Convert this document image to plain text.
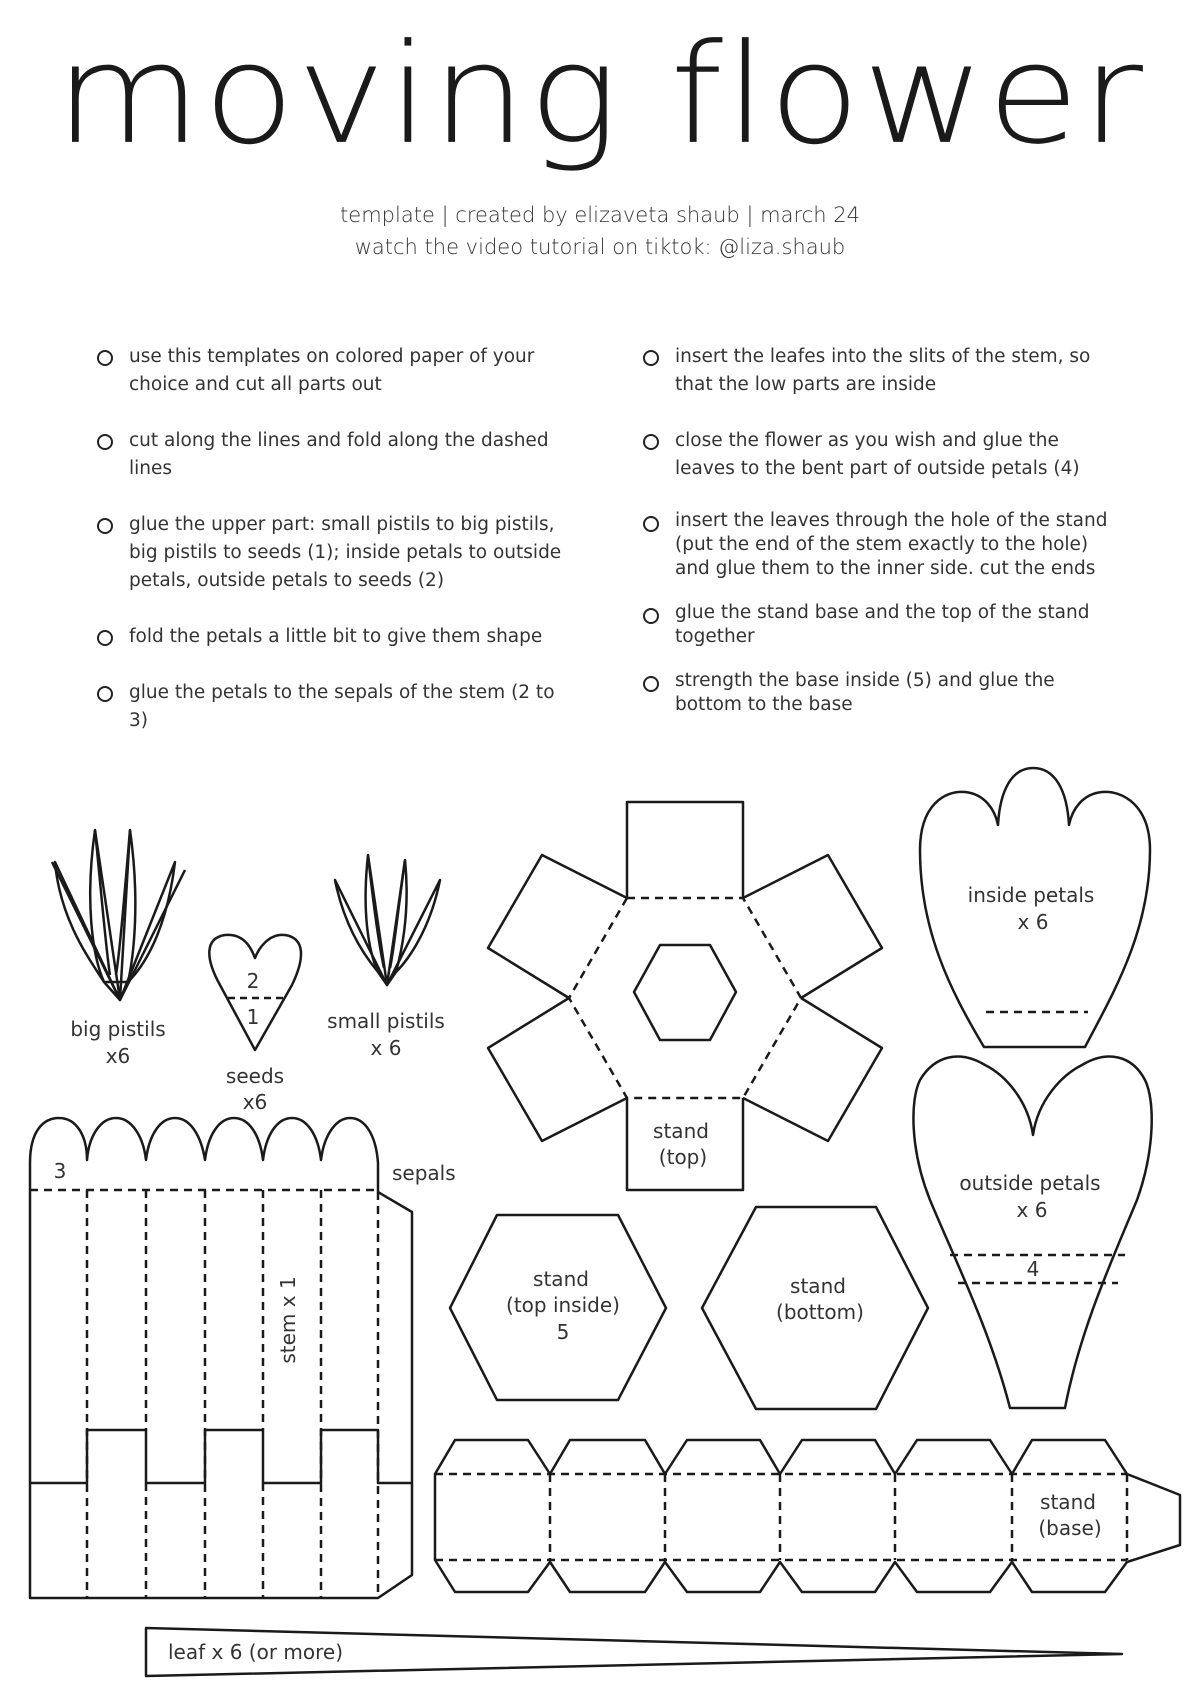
moving flower
template | created by elizaveta shaub | march 24
watch the video tutorial on tiktok: @liza.shaub
use this templates on colored paper of your choice and cut all parts out
cut along the lines and fold along the dashed lines
glue the upper part: small pistils to big pistils, big pistils to seeds (1); inside petals to outside petals, outside petals to seeds (2)
fold the petals a little bit to give them shape
glue the petals to the sepals of the stem (2 to 3)
insert the leafes into the slits of the stem, so that the low parts are inside
close the flower as you wish and glue the leaves to the bent part of outside petals (4)
insert the leaves through the hole of the stand (put the end of the stem exactly to the hole) and glue them to the inner side. cut the ends
glue the stand base and the top of the stand together
strength the base inside (5) and glue the bottom to the base
big pistils
x6
2
1
seeds
x6
small pistils
x 6
stand
(top)
inside petals
x 6
outside petals
x 6
4
3	sepals
stem x 1	stand
(top inside)
5
stand
(bottom)
stand
(base)
leaf x 6 (or more)
